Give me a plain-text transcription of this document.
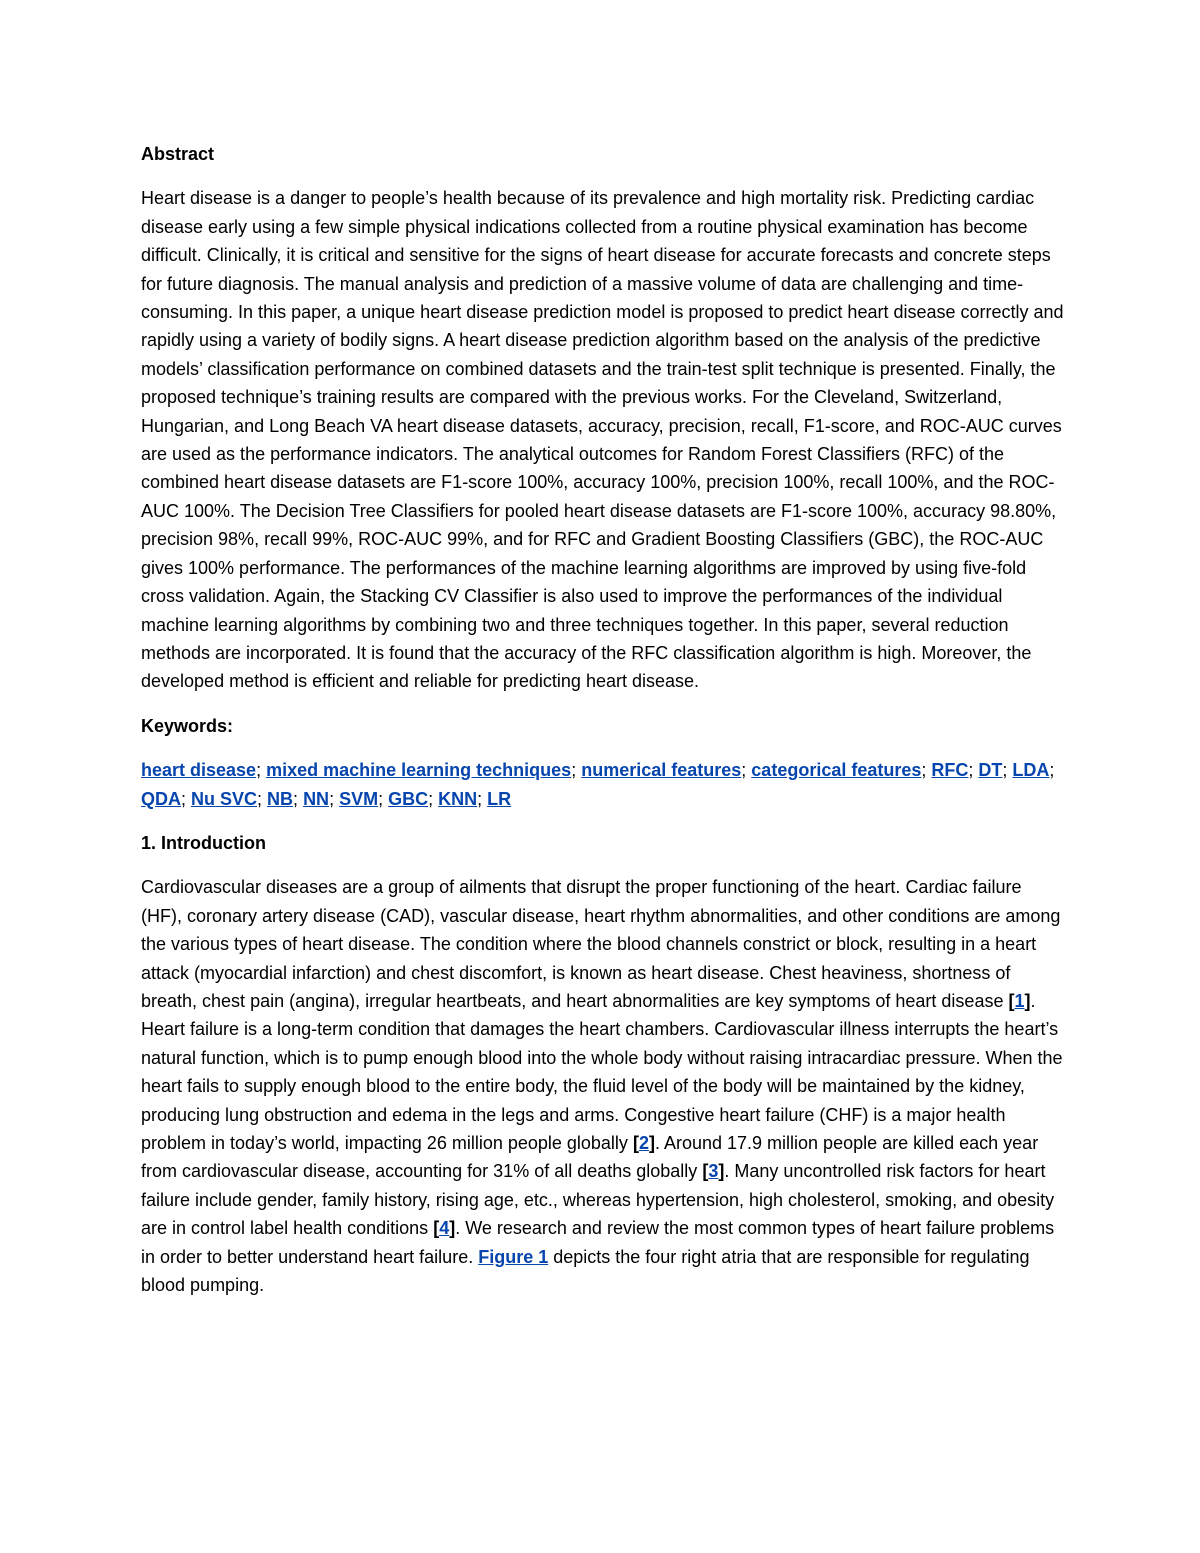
Abstract

Heart disease is a danger to people’s health because of its prevalence and high mortality risk. Predicting cardiac disease early using a few simple physical indications collected from a routine physical examination has become difficult. Clinically, it is critical and sensitive for the signs of heart disease for accurate forecasts and concrete steps for future diagnosis. The manual analysis and prediction of a massive volume of data are challenging and time-consuming. In this paper, a unique heart disease prediction model is proposed to predict heart disease correctly and rapidly using a variety of bodily signs. A heart disease prediction algorithm based on the analysis of the predictive models’ classification performance on combined datasets and the train-test split technique is presented. Finally, the proposed technique’s training results are compared with the previous works. For the Cleveland, Switzerland, Hungarian, and Long Beach VA heart disease datasets, accuracy, precision, recall, F1-score, and ROC-AUC curves are used as the performance indicators. The analytical outcomes for Random Forest Classifiers (RFC) of the combined heart disease datasets are F1-score 100%, accuracy 100%, precision 100%, recall 100%, and the ROC-AUC 100%. The Decision Tree Classifiers for pooled heart disease datasets are F1-score 100%, accuracy 98.80%, precision 98%, recall 99%, ROC-AUC 99%, and for RFC and Gradient Boosting Classifiers (GBC), the ROC-AUC gives 100% performance. The performances of the machine learning algorithms are improved by using five-fold cross validation. Again, the Stacking CV Classifier is also used to improve the performances of the individual machine learning algorithms by combining two and three techniques together. In this paper, several reduction methods are incorporated. It is found that the accuracy of the RFC classification algorithm is high. Moreover, the developed method is efficient and reliable for predicting heart disease.

Keywords:

heart disease; mixed machine learning techniques; numerical features; categorical features; RFC; DT; LDA; QDA; Nu SVC; NB; NN; SVM; GBC; KNN; LR

1. Introduction

Cardiovascular diseases are a group of ailments that disrupt the proper functioning of the heart. Cardiac failure (HF), coronary artery disease (CAD), vascular disease, heart rhythm abnormalities, and other conditions are among the various types of heart disease. The condition where the blood channels constrict or block, resulting in a heart attack (myocardial infarction) and chest discomfort, is known as heart disease. Chest heaviness, shortness of breath, chest pain (angina), irregular heartbeats, and heart abnormalities are key symptoms of heart disease [1]. Heart failure is a long-term condition that damages the heart chambers. Cardiovascular illness interrupts the heart’s natural function, which is to pump enough blood into the whole body without raising intracardiac pressure. When the heart fails to supply enough blood to the entire body, the fluid level of the body will be maintained by the kidney, producing lung obstruction and edema in the legs and arms. Congestive heart failure (CHF) is a major health problem in today’s world, impacting 26 million people globally [2]. Around 17.9 million people are killed each year from cardiovascular disease, accounting for 31% of all deaths globally [3]. Many uncontrolled risk factors for heart failure include gender, family history, rising age, etc., whereas hypertension, high cholesterol, smoking, and obesity are in control label health conditions [4]. We research and review the most common types of heart failure problems in order to better understand heart failure. Figure 1 depicts the four right atria that are responsible for regulating blood pumping.
